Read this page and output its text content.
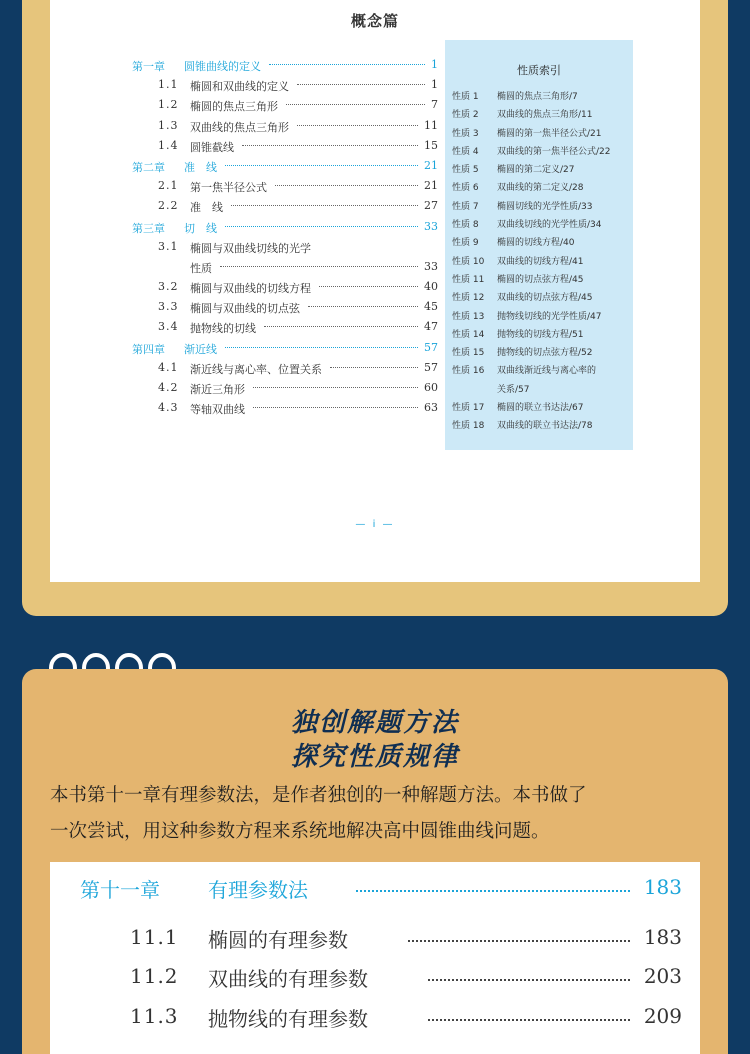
概念篇
第一章 圆锥曲线的定义	1
1.1 椭圆和双曲线的定义	1
1.2 椭圆的焦点三角形	7
1.3 双曲线的焦点三角形	11
1.4 圆锥截线	15
第二章 准　线	21
2.1 第一焦半径公式	21
2.2 准　线	27
第三章 切　线	33
3.1 椭圆与双曲线切线的光学
性质	33
3.2 椭圆与双曲线的切线方程	40
3.3 椭圆与双曲线的切点弦	45
3.4 抛物线的切线	47
第四章 渐近线	57
4.1 渐近线与离心率、位置关系	57
4.2 渐近三角形	60
4.3 等轴双曲线	63
性质索引
性质 1 椭圆的焦点三角形/7
性质 2 双曲线的焦点三角形/11
性质 3 椭圆的第一焦半径公式/21
性质 4 双曲线的第一焦半径公式/22
性质 5 椭圆的第二定义/27
性质 6 双曲线的第二定义/28
性质 7 椭圆切线的光学性质/33
性质 8 双曲线切线的光学性质/34
性质 9 椭圆的切线方程/40
性质 10 双曲线的切线方程/41
性质 11 椭圆的切点弦方程/45
性质 12 双曲线的切点弦方程/45
性质 13 抛物线切线的光学性质/47
性质 14 抛物线的切线方程/51
性质 15 抛物线的切点弦方程/52
性质 16 双曲线渐近线与离心率的
关系/57
性质 17 椭圆的联立书达法/67
性质 18 双曲线的联立书达法/78
— i —
独创解题方法
探究性质规律
本书第十一章有理参数法，是作者独创的一种解题方法。本书做了
一次尝试，用这种参数方程来系统地解决高中圆锥曲线问题。
第十一章 有理参数法	183
11.1 椭圆的有理参数	183
11.2 双曲线的有理参数	203
11.3 抛物线的有理参数	209
